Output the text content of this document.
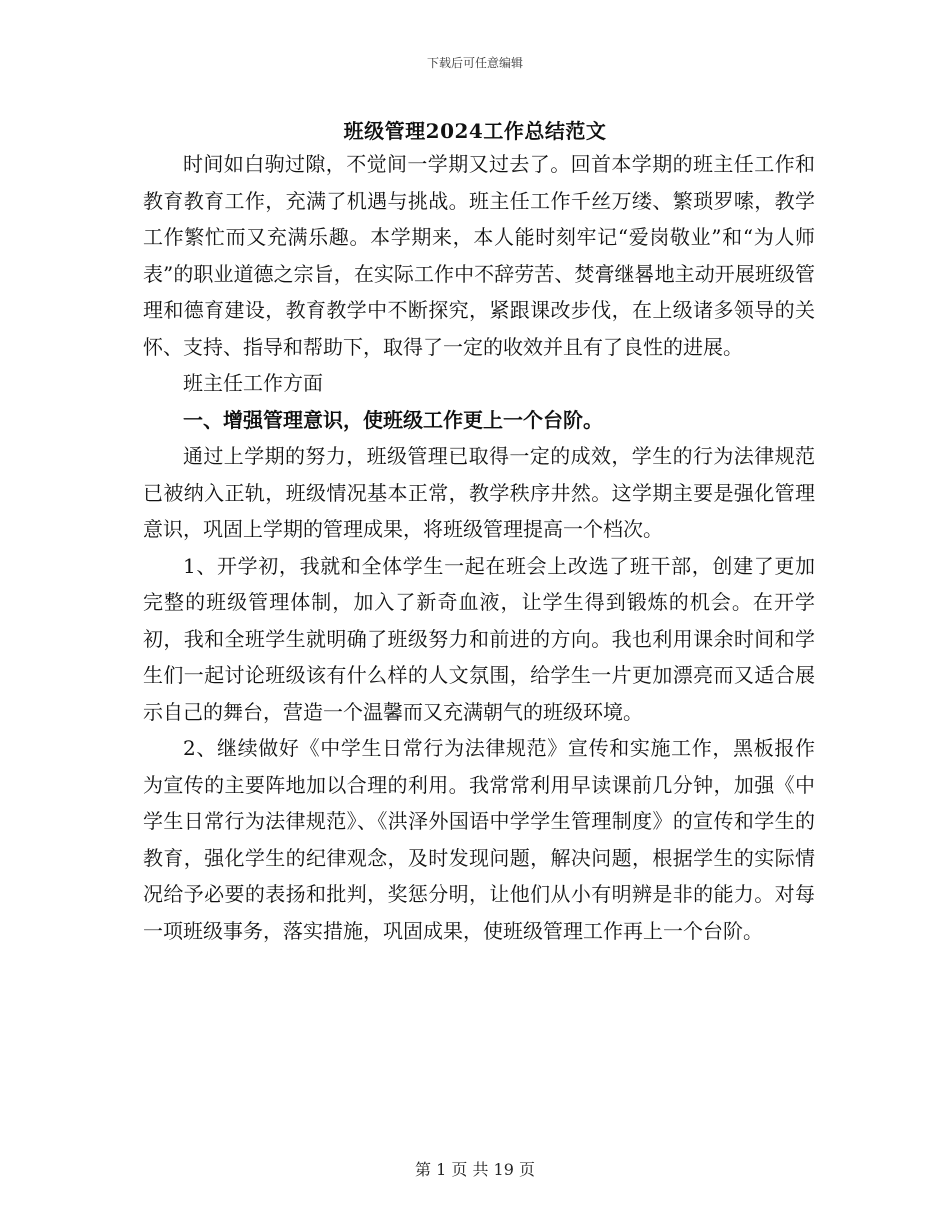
下载后可任意编辑
班级管理2024工作总结范文

时间如白驹过隙，不觉间一学期又过去了。回首本学期的班主任工作和教育教育工作，充满了机遇与挑战。班主任工作千丝万缕、繁琐罗嗦，教学工作繁忙而又充满乐趣。本学期来，本人能时刻牢记“爱岗敬业”和“为人师表”的职业道德之宗旨，在实际工作中不辞劳苦、焚膏继晷地主动开展班级管理和德育建设，教育教学中不断探究，紧跟课改步伐，在上级诸多领导的关怀、支持、指导和帮助下，取得了一定的收效并且有了良性的进展。

班主任工作方面

一、增强管理意识，使班级工作更上一个台阶。

通过上学期的努力，班级管理已取得一定的成效，学生的行为法律规范已被纳入正轨，班级情况基本正常，教学秩序井然。这学期主要是强化管理意识，巩固上学期的管理成果，将班级管理提高一个档次。

1、开学初，我就和全体学生一起在班会上改选了班干部，创建了更加完整的班级管理体制，加入了新奇血液，让学生得到锻炼的机会。在开学初，我和全班学生就明确了班级努力和前进的方向。我也利用课余时间和学生们一起讨论班级该有什么样的人文氛围，给学生一片更加漂亮而又适合展示自己的舞台，营造一个温馨而又充满朝气的班级环境。

2、继续做好《中学生日常行为法律规范》宣传和实施工作，黑板报作为宣传的主要阵地加以合理的利用。我常常利用早读课前几分钟，加强《中学生日常行为法律规范》、《洪泽外国语中学学生管理制度》的宣传和学生的教育，强化学生的纪律观念，及时发现问题，解决问题，根据学生的实际情况给予必要的表扬和批判，奖惩分明，让他们从小有明辨是非的能力。对每一项班级事务，落实措施，巩固成果，使班级管理工作再上一个台阶。

第 1 页 共 19 页
